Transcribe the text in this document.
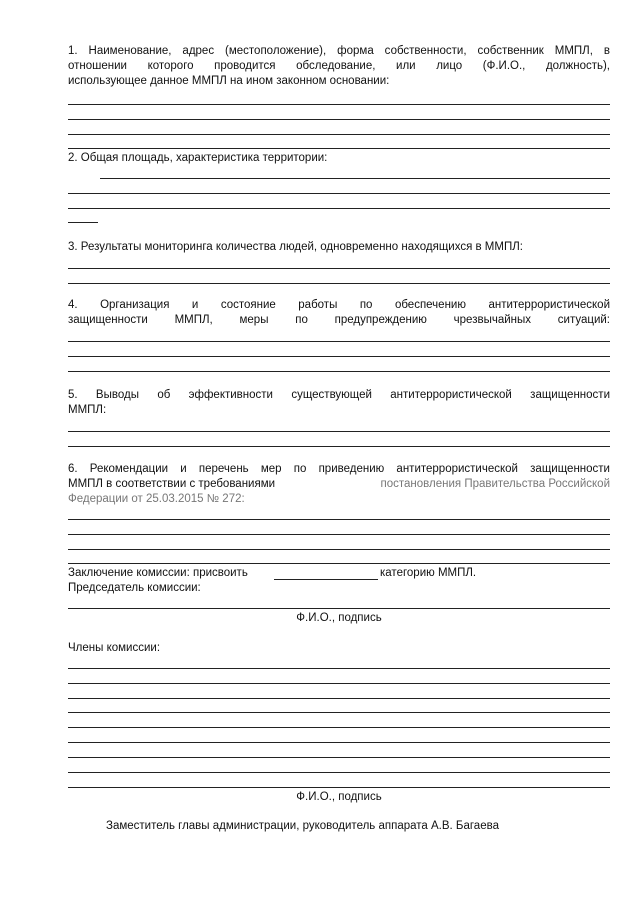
1. Наименование, адрес (местоположение), форма собственности, собственник ММПЛ, в
отношении которого проводится обследование, или лицо (Ф.И.О., должность),
использующее данное ММПЛ на ином законном основании:
2. Общая площадь, характеристика территории:
3. Результаты мониторинга количества людей, одновременно находящихся в ММПЛ:
4. Организация и состояние работы по обеспечению антитеррористической
защищенности ММПЛ, меры по предупреждению чрезвычайных ситуаций:
5. Выводы об эффективности существующей антитеррористической защищенности
ММПЛ:
6. Рекомендации и перечень мер по приведению антитеррористической защищенности
ММПЛ в соответствии с требованиями	постановления Правительства Российской
Федерации от 25.03.2015 № 272:
Заключение комиссии: присвоить	категорию ММПЛ.
Председатель комиссии:
Ф.И.О., подпись
Члены комиссии:
Ф.И.О., подпись
Заместитель главы администрации, руководитель аппарата А.В. Багаева
